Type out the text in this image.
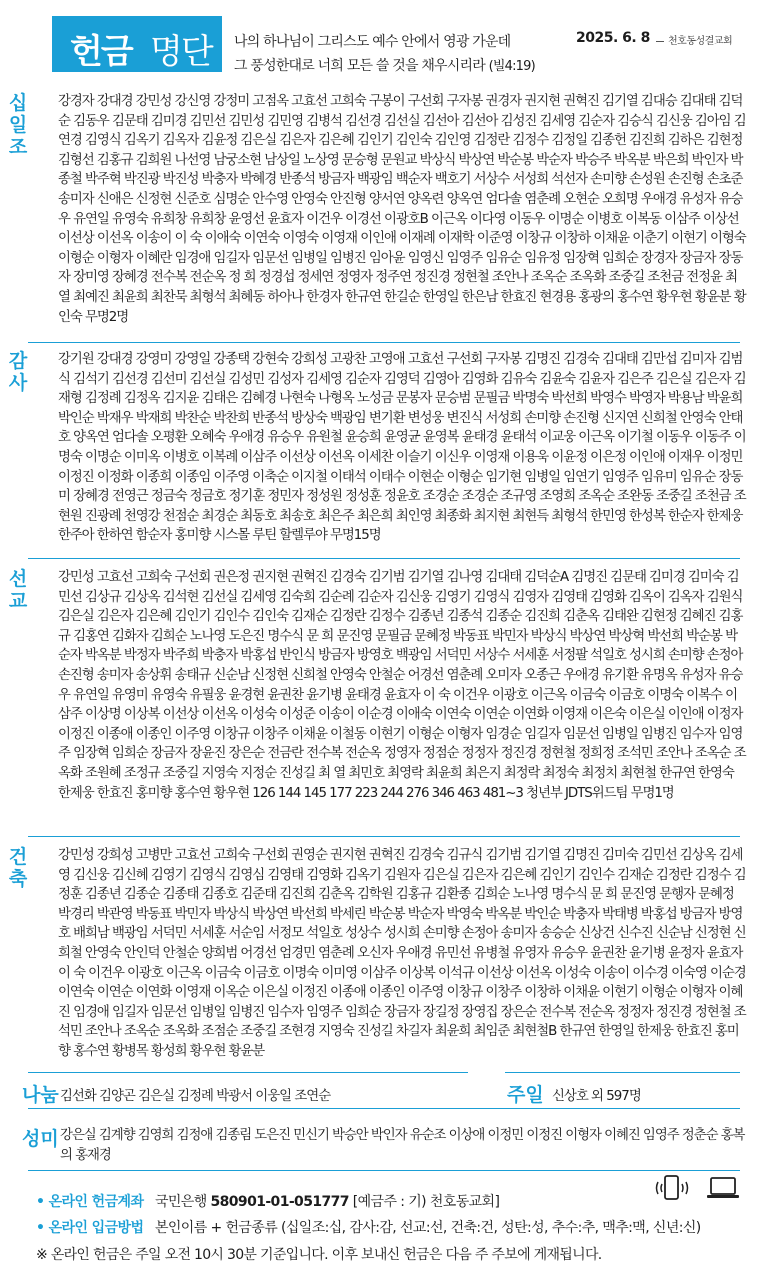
헌금 명단 나의 하나님이 그리스도 예수 안에서 영광 가운데
그 풍성한대로 너희 모든 쓸 것을 채우시리라 (빌4:19)
2025. 6. 8	천호동성결교회
십일조
강경자 강대경 강민성 강신영 강정미 고점옥 고효선 고희숙 구봉이 구선회 구자봉 권경자 권지현 권혁진 김기열 김대승 김대태 김덕순 김동우 김문태 김미경 김민선 김민성 김민영 김병석 김선경 김선실 김선아 김선아 김성진 김세영 김순자 김승식 김신웅 김아임 김연경 김영식 김옥기 김옥자 김윤정 김은실 김은자 김은혜 김인기 김인숙 김인영 김정란 김정수 김정일 김종헌 김진희 김하은 김현정 김형선 김홍규 김희원 나선영 남궁소현 남상일 노상영 문승형 문원교 박상식 박상연 박순봉 박순자 박승주 박옥분 박은희 박인자 박종철 박주혁 박진광 박진성 박충자 박혜경 반종석 방금자 백광임 백순자 백호기 서상수 서성희 석선자 손미향 손성원 손진형 손초준 송미자 신애은 신정현 신준호 심명순 안수영 안영숙 안진형 양서연 양옥련 양옥연 엄다솔 염춘례 오현순 오희명 우애경 유성자 유승우 유연일 유영숙 유희창 유희창 윤영선 윤효자 이건우 이경선 이광호B 이근옥 이다영 이동우 이명순 이병호 이복동 이삼주 이상선 이선상 이선옥 이송이 이 숙 이애숙 이연숙 이영숙 이영재 이인애 이재례 이재학 이준영 이창규 이창하 이채윤 이춘기 이현기 이형숙 이형순 이형자 이혜란 임경애 임길자 임문선 임병일 임병진 임아윤 임영신 임영주 임유순 임유정 임장혁 임희순 장경자 장금자 장동자 장미영 장혜경 전수복 전순옥 정 희 정경섭 정세연 정영자 정주연 정진경 정현철 조안나 조옥순 조옥화 조중길 조천금 전정윤 최 열 최예진 최윤희 최찬묵 최형석 최혜동 하아나 한경자 한규연 한길순 한영일 한은남 한효진 현경용 홍광의 홍수연 황우현 황윤분 황인숙 무명2명
감사
강기원 강대경 강영미 강영일 강종택 강현숙 강희성 고광찬 고영애 고효선 구선회 구자봉 김명진 김경숙 김대태 김만섭 김미자 김범식 김석기 김선경 김선미 김선실 김성민 김성자 김세영 김순자 김영덕 김영아 김영화 김유숙 김윤숙 김윤자 김은주 김은실 김은자 김재형 김정례 김정옥 김지윤 김태은 김혜경 나현숙 나형옥 노성금 문봉자 문승범 문필금 박명숙 박선희 박영수 박영자 박용남 박윤희 박인순 박재우 박재희 박찬순 박찬희 반종석 방상숙 백광임 변기환 변성웅 변진식 서성희 손미향 손진형 신지연 신희철 안영숙 안태호 양옥연 엄다솔 오평환 오혜숙 우애경 유승우 유원철 윤승희 윤영균 윤영복 윤태경 윤태석 이교웅 이근옥 이기철 이동우 이동주 이명숙 이명순 이미옥 이병호 이복례 이삼주 이선상 이선옥 이세찬 이슬기 이신우 이영재 이용욱 이윤정 이은정 이인애 이재우 이정민 이정진 이정화 이종희 이종임 이주영 이축순 이지철 이태석 이태수 이현순 이형순 임기현 임병일 임연기 임영주 임유미 임유순 장동미 장혜경 전영근 정금숙 정금호 정기훈 정민자 정성원 정성훈 정윤호 조경순 조경순 조규영 조영희 조옥순 조완동 조중길 조천금 조현원 진광례 천영강 천점순 최경순 최동호 최송호 최은주 최은희 최인영 최종화 최지현 최현득 최형석 한민영 한성복 한순자 한제웅 한주아 한하연 함순자 홍미향 시스몰 루틴 할렐루야 무명15명
선교
강민성 고효선 고희숙 구선회 권은정 권지현 권혁진 김경숙 김기범 김기열 김나영 김대태 김덕순A 김명진 김문태 김미경 김미숙 김민선 김상규 김상옥 김석현 김선실 김세영 김숙희 김순례 김순자 김신웅 김영기 김영식 김영자 김영태 김영화 김옥이 김옥자 김원식 김은실 김은자 김은혜 김인기 김인수 김인숙 김재순 김정란 김정수 김종년 김종석 김종순 김진희 김춘옥 김태완 김현정 김혜진 김홍규 김홍연 김화자 김희순 노나영 도은진 명수식 문 희 문진영 문필금 문혜정 박동표 박민자 박상식 박상연 박상혁 박선희 박순봉 박순자 박옥분 박정자 박주희 박충자 박홍섭 반인식 방금자 방영호 백광임 서덕민 서상수 서세훈 서정팔 석일호 성시희 손미향 손정아 손진형 송미자 송상휘 송태규 신순남 신정현 신희철 안영숙 안철순 어경선 염춘례 오미자 오종근 우애경 유기환 유명옥 유성자 유승우 유연일 유영미 유영숙 유필웅 윤경현 윤권찬 윤기병 윤태경 윤효자 이 숙 이건우 이광호 이근옥 이금숙 이금호 이명숙 이복수 이삼주 이상명 이상복 이선상 이선옥 이성숙 이성준 이송이 이순경 이애숙 이연숙 이연순 이연화 이영재 이은숙 이은실 이인애 이정자 이정진 이종애 이종인 이주영 이창규 이창주 이채윤 이철동 이현기 이형순 이형자 임경순 임길자 임문선 임병일 임병진 임수자 임영주 임장혁 임희순 장금자 장윤진 장은순 전금란 전수복 전순옥 정영자 정점순 정정자 정진경 정현철 정희정 조석민 조안나 조옥순 조옥화 조원혜 조정규 조중길 지영숙 지정순 진성길 최 열 최민호 최영락 최윤희 최은지 최정락 최정숙 최정치 최현철 한규연 한영숙 한제웅 한효진 홍미향 홍수연 황우현 126 144 145 177 223 244 276 346 463 481~3 청년부 JDTS위드팀 무명1명
건축
강민성 강희성 고병만 고효선 고희숙 구선회 권영순 권지현 권혁진 김경숙 김규식 김기범 김기열 김명진 김미숙 김민선 김상옥 김세영 김신웅 김신혜 김영기 김영식 김영심 김영태 김영화 김옥기 김원자 김은실 김은자 김은혜 김인기 김인수 김재순 김정란 김정수 김정훈 김종년 김종순 김종태 김종호 김준태 김진희 김춘옥 김학원 김홍규 김환종 김희순 노나영 명수식 문 희 문진영 문행자 문혜정 박경리 박관영 박동표 박민자 박상식 박상연 박선희 박세린 박순봉 박순자 박영숙 박옥분 박인순 박충자 박태병 박홍섭 방금자 방영호 배희남 백광임 서덕민 서세훈 서순임 서정모 석일호 성상수 성시희 손미향 손정아 송미자 송승순 신상건 신수진 신순남 신정현 신희철 안영숙 안인덕 안철순 양희범 어경선 엄경민 염춘례 오신자 우애경 유민선 유병철 유영자 유승우 윤권찬 윤기병 윤정자 윤효자 이 숙 이건우 이광호 이근옥 이금숙 이금호 이명숙 이미영 이삼주 이상복 이석규 이선상 이선옥 이성숙 이송이 이수경 이숙영 이순경 이연숙 이연순 이연화 이영재 이옥순 이은실 이정진 이종애 이종인 이주영 이창규 이창주 이창하 이채윤 이현기 이형순 이형자 이혜진 임경애 임길자 임문선 임병일 임병진 임수자 임영주 임희순 장금자 장길정 장영집 장은순 전수복 전순옥 정정자 정진경 정현철 조석민 조안나 조옥순 조옥화 조점순 조중길 조현경 지영숙 진성길 차길자 최윤희 최임준 최현철B 한규연 한영일 한제웅 한효진 홍미향 홍수연 황병목 황성희 황우현 황윤분
나눔 김선화 김양곤 김은실 김정례 박광서 이웅일 조연순	주일 신상호 외 597명
성미 강은실 김계향 김영희 김정애 김종림 도은진 민신기 박승안 박인자 유순조 이상애 이정민 이정진 이형자 이혜진 임영주 정춘순 홍복의 홍재경
• 온라인 헌금계좌 국민은행 580901-01-051777 [예금주 : 기) 천호동교회]
• 온라인 입금방법 본인이름 + 헌금종류 (십일조:십, 감사:감, 선교:선, 건축:건, 성탄:성, 추수:추, 맥추:맥, 신년:신)
※ 온라인 헌금은 주일 오전 10시 30분 기준입니다. 이후 보내신 헌금은 다음 주 주보에 게재됩니다.
